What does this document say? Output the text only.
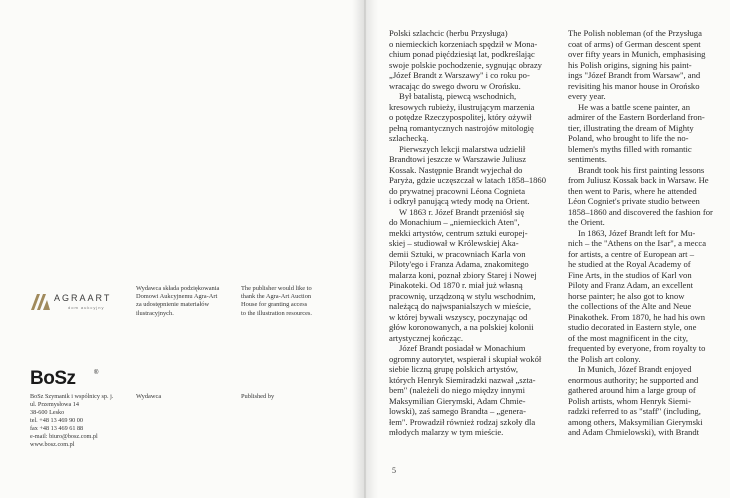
AGRAART
dom aukcyjny
Wydawca składa podziękowania
Domowi Aukcyjnemu Agra-Art
za udostępnienie materiałów
ilustracyjnych.
The publisher would like to
thank the Agra-Art Auction
House for granting access
to the illustration resources.
BoSz	®
Wydawca	Published by
BoSz Szymanik i wspólnicy sp. j.
ul. Przemysłowa 14
38-600 Lesko
tel. +48 13 469 90 00
fax +48 13 469 61 88
e-mail: biuro@bosz.com.pl
www.bosz.com.pl

Polski szlachcic (herbu Przysługa)
o niemieckich korzeniach spędził w Mona-
chium ponad pięćdziesiąt lat, podkreślając
swoje polskie pochodzenie, sygnując obrazy
„Józef Brandt z Warszawy" i co roku po-
wracając do swego dworu w Orońsku.

Był batalistą, piewcą wschodnich,
kresowych rubieży, ilustrującym marzenia
o potędze Rzeczypospolitej, który ożywił
pełną romantycznych nastrojów mitologię
szlachecką.

Pierwszych lekcji malarstwa udzielił
Brandtowi jeszcze w Warszawie Juliusz
Kossak. Następnie Brandt wyjechał do
Paryża, gdzie uczęszczał w latach 1858–1860
do prywatnej pracowni Léona Cognieta
i odkrył panującą wtedy modę na Orient.

W 1863 r. Józef Brandt przeniósł się
do Monachium – „niemieckich Aten",
mekki artystów, centrum sztuki europej-
skiej – studiował w Królewskiej Aka-
demii Sztuki, w pracowniach Karla von
Piloty'ego i Franza Adama, znakomitego
malarza koni, poznał zbiory Starej i Nowej
Pinakoteki. Od 1870 r. miał już własną
pracownię, urządzoną w stylu wschodnim,
należącą do najwspanialszych w mieście,
w której bywali wszyscy, poczynając od
głów koronowanych, a na polskiej kolonii
artystycznej kończąc.

Józef Brandt posiadał w Monachium
ogromny autorytet, wspierał i skupiał wokół
siebie liczną grupę polskich artystów,
których Henryk Siemiradzki nazwał „szta-
bem" (należeli do niego między innymi
Maksymilian Gierymski, Adam Chmie-
lowski), zaś samego Brandta – „genera-
łem". Prowadził również rodzaj szkoły dla
młodych malarzy w tym mieście.

The Polish nobleman (of the Przysługa
coat of arms) of German descent spent
over fifty years in Munich, emphasising
his Polish origins, signing his paint-
ings "Józef Brandt from Warsaw", and
revisiting his manor house in Orońsko
every year.

He was a battle scene painter, an
admirer of the Eastern Borderland fron-
tier, illustrating the dream of Mighty
Poland, who brought to life the no-
blemen's myths filled with romantic
sentiments.

Brandt took his first painting lessons
from Juliusz Kossak back in Warsaw. He
then went to Paris, where he attended
Léon Cogniet's private studio between
1858–1860 and discovered the fashion for
the Orient.

In 1863, Józef Brandt left for Mu-
nich – the "Athens on the Isar", a mecca
for artists, a centre of European art –
he studied at the Royal Academy of
Fine Arts, in the studios of Karl von
Piloty and Franz Adam, an excellent
horse painter; he also got to know
the collections of the Alte and Neue
Pinakothek. From 1870, he had his own
studio decorated in Eastern style, one
of the most magnificent in the city,
frequented by everyone, from royalty to
the Polish art colony.

In Munich, Józef Brandt enjoyed
enormous authority; he supported and
gathered around him a large group of
Polish artists, whom Henryk Siemi-
radzki referred to as "staff" (including,
among others, Maksymilian Gierymski
and Adam Chmielowski), with Brandt

5
